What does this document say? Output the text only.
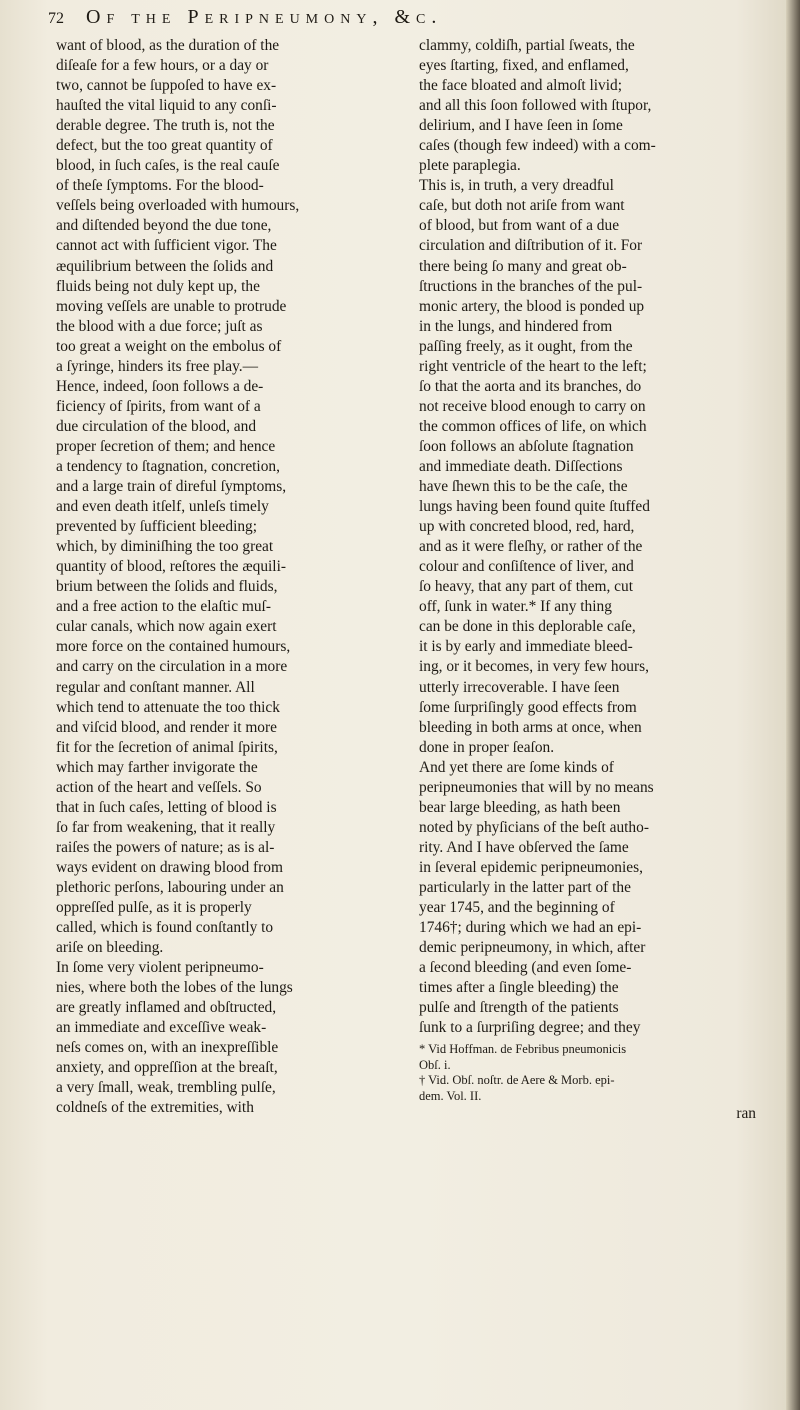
72 Of the Peripneumony, &c.
want of blood, as the duration of the
diſeaſe for a few hours, or a day or
two, cannot be ſuppoſed to have ex-
hauſted the vital liquid to any conſi-
derable degree. The truth is, not the
defect, but the too great quantity of
blood, in ſuch caſes, is the real cauſe
of theſe ſymptoms. For the blood-
veſſels being overloaded with humours,
and diſtended beyond the due tone,
cannot act with ſufficient vigor. The
æquilibrium between the ſolids and
fluids being not duly kept up, the
moving veſſels are unable to protrude
the blood with a due force; juſt as
too great a weight on the embolus of
a ſyringe, hinders its free play.—
Hence, indeed, ſoon follows a de-
ficiency of ſpirits, from want of a
due circulation of the blood, and
proper ſecretion of them; and hence
a tendency to ſtagnation, concretion,
and a large train of direful ſymptoms,
and even death itſelf, unleſs timely
prevented by ſufficient bleeding;
which, by diminiſhing the too great
quantity of blood, reſtores the æquili-
brium between the ſolids and fluids,
and a free action to the elaſtic muſ-
cular canals, which now again exert
more force on the contained humours,
and carry on the circulation in a more
regular and conſtant manner. All
which tend to attenuate the too thick
and viſcid blood, and render it more
fit for the ſecretion of animal ſpirits,
which may farther invigorate the
action of the heart and veſſels. So
that in ſuch caſes, letting of blood is
ſo far from weakening, that it really
raiſes the powers of nature; as is al-
ways evident on drawing blood from
plethoric perſons, labouring under an
oppreſſed pulſe, as it is properly
called, which is found conſtantly to
ariſe on bleeding.
In ſome very violent peripneumo-
nies, where both the lobes of the lungs
are greatly inflamed and obſtructed,
an immediate and exceſſive weak-
neſs comes on, with an inexpreſſible
anxiety, and oppreſſion at the breaſt,
a very ſmall, weak, trembling pulſe,
coldneſs of the extremities, with
clammy, coldiſh, partial ſweats, the
eyes ſtarting, fixed, and enflamed,
the face bloated and almoſt livid;
and all this ſoon followed with ſtupor,
delirium, and I have ſeen in ſome
caſes (though few indeed) with a com-
plete paraplegia.
This is, in truth, a very dreadful
caſe, but doth not ariſe from want
of blood, but from want of a due
circulation and diſtribution of it. For
there being ſo many and great ob-
ſtructions in the branches of the pul-
monic artery, the blood is ponded up
in the lungs, and hindered from
paſſing freely, as it ought, from the
right ventricle of the heart to the left;
ſo that the aorta and its branches, do
not receive blood enough to carry on
the common offices of life, on which
ſoon follows an abſolute ſtagnation
and immediate death. Diſſections
have ſhewn this to be the caſe, the
lungs having been found quite ſtuffed
up with concreted blood, red, hard,
and as it were fleſhy, or rather of the
colour and conſiſtence of liver, and
ſo heavy, that any part of them, cut
off, ſunk in water.* If any thing
can be done in this deplorable caſe,
it is by early and immediate bleed-
ing, or it becomes, in very few hours,
utterly irrecoverable. I have ſeen
ſome ſurpriſingly good effects from
bleeding in both arms at once, when
done in proper ſeaſon.
And yet there are ſome kinds of
peripneumonies that will by no means
bear large bleeding, as hath been
noted by phyſicians of the beſt autho-
rity. And I have obſerved the ſame
in ſeveral epidemic peripneumonies,
particularly in the latter part of the
year 1745, and the beginning of
1746†; during which we had an epi-
demic peripneumony, in which, after
a ſecond bleeding (and even ſome-
times after a ſingle bleeding) the
pulſe and ſtrength of the patients
ſunk to a ſurpriſing degree; and they
* Vid Hoffman. de Febribus pneumonicis
Obſ. i.
† Vid. Obſ. noſtr. de Aere & Morb. epi-
dem. Vol. II.
ran
